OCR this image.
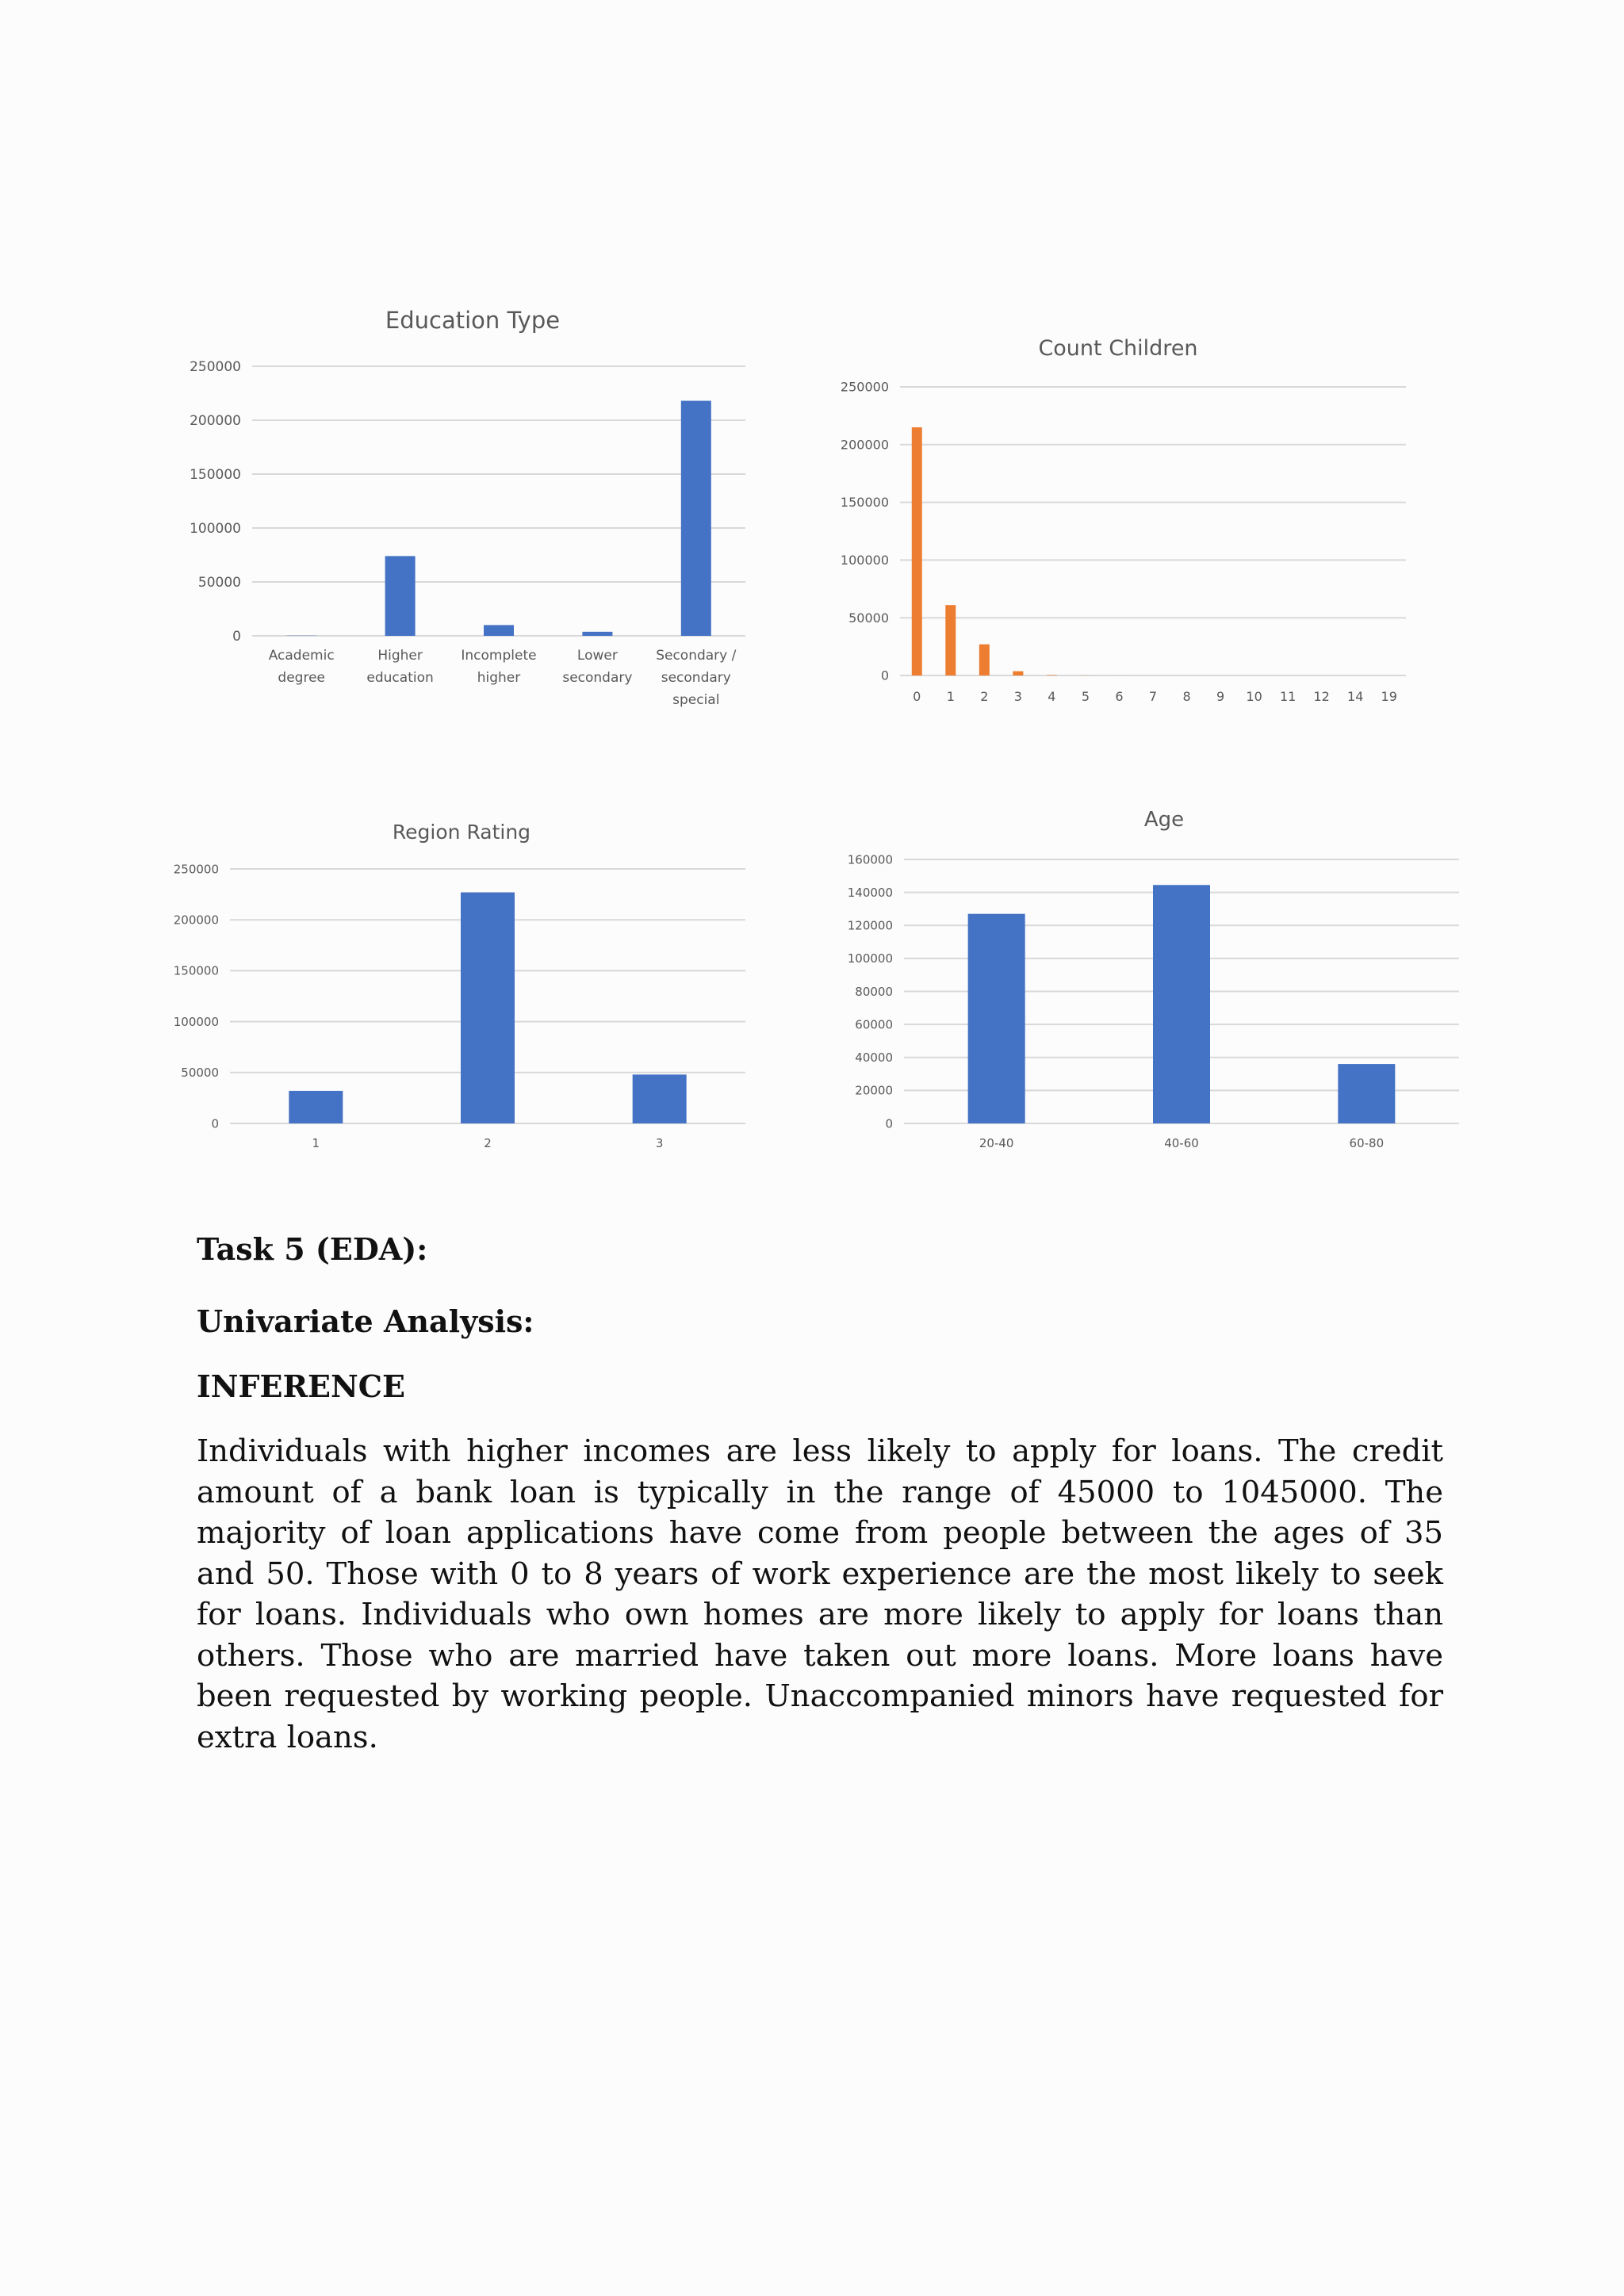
Education Type
250000
200000
150000
100000
50000
0
Academic degree
Higher education
Incomplete higher
Lower secondary
Secondary / secondary special
Count Children
250000
200000
150000
100000
50000
0
0 1 2 3 4 5 6 7 8 9 10 11 12 14 19
Region Rating
250000
200000
150000
100000
50000
0
1	2	3
Age
160000
140000
120000
100000
80000
60000
40000
20000
0
20-40	40-60	60-80
Task 5 (EDA):
Univariate Analysis:
INFERENCE

Individuals with higher incomes are less likely to apply for loans. The credit amount of a bank loan is typically in the range of 45000 to 1045000. The majority of loan applications have come from people between the ages of 35 and 50. Those with 0 to 8 years of work experience are the most likely to seek for loans. Individuals who own homes are more likely to apply for loans than others. Those who are married have taken out more loans. More loans have been requested by working people. Unaccompanied minors have requested for extra loans.
